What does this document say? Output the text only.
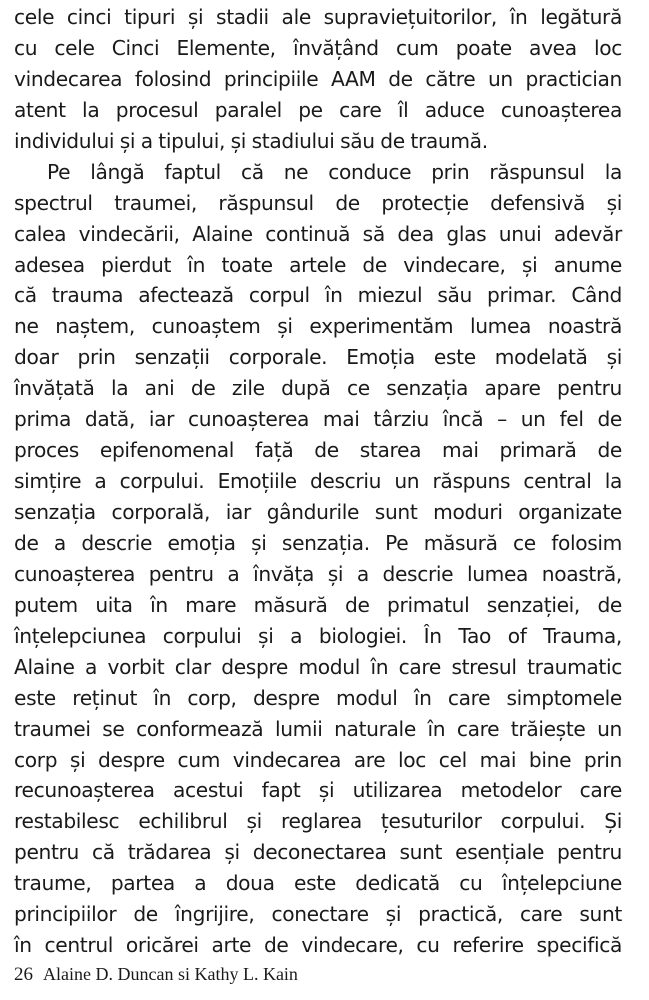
cele cinci tipuri și stadii ale supraviețuitorilor, în legătură
cu cele Cinci Elemente, învățând cum poate avea loc
vindecarea folosind principiile AAM de către un practician
atent la procesul paralel pe care îl aduce cunoașterea
individului și a tipului, și stadiului său de traumă.
Pe lângă faptul că ne conduce prin răspunsul la
spectrul traumei, răspunsul de protecție defensivă și
calea vindecării, Alaine continuă să dea glas unui adevăr
adesea pierdut în toate artele de vindecare, și anume
că trauma afectează corpul în miezul său primar. Când
ne naștem, cunoaștem și experimentăm lumea noastră
doar prin senzații corporale. Emoția este modelată și
învățată la ani de zile după ce senzația apare pentru
prima dată, iar cunoașterea mai târziu încă – un fel de
proces epifenomenal față de starea mai primară de
simțire a corpului. Emoțiile descriu un răspuns central la
senzația corporală, iar gândurile sunt moduri organizate
de a descrie emoția și senzația. Pe măsură ce folosim
cunoașterea pentru a învăța și a descrie lumea noastră,
putem uita în mare măsură de primatul senzației, de
înțelepciunea corpului și a biologiei. În Tao of Trauma,
Alaine a vorbit clar despre modul în care stresul traumatic
este reținut în corp, despre modul în care simptomele
traumei se conformează lumii naturale în care trăiește un
corp și despre cum vindecarea are loc cel mai bine prin
recunoașterea acestui fapt și utilizarea metodelor care
restabilesc echilibrul și reglarea țesuturilor corpului. Și
pentru că trădarea și deconectarea sunt esențiale pentru
traume, partea a doua este dedicată cu înțelepciune
principiilor de îngrijire, conectare și practică, care sunt
în centrul oricărei arte de vindecare, cu referire specifică
26 Alaine D. Duncan si Kathy L. Kain
